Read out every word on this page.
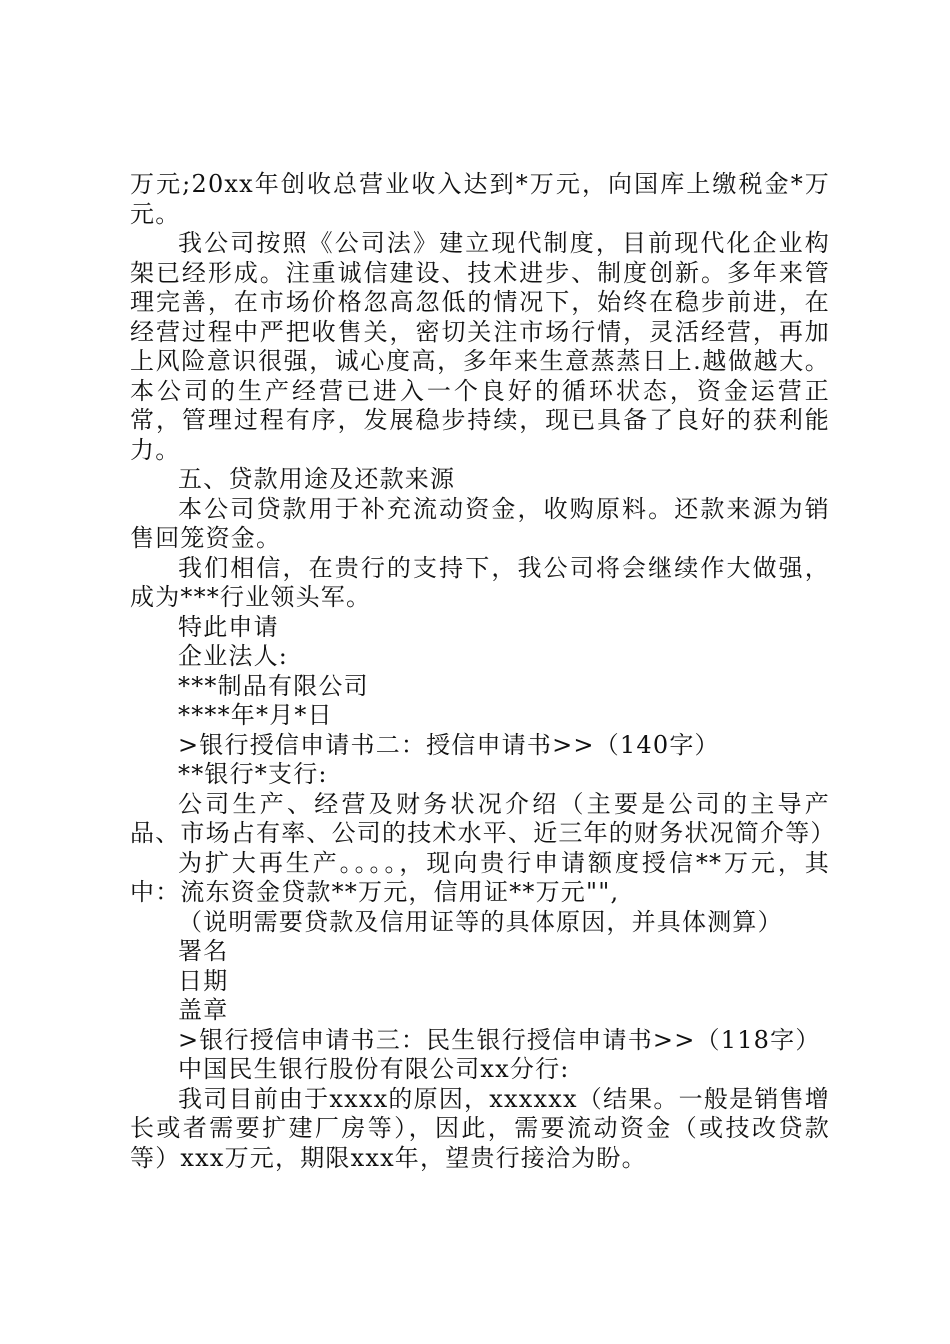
万元;20xx年创收总营业收入达到*万元，向国库上缴税金*万元。

我公司按照《公司法》建立现代制度，目前现代化企业构架已经形成。注重诚信建设、技术进步、制度创新。多年来管理完善，在市场价格忽高忽低的情况下，始终在稳步前进，在经营过程中严把收售关，密切关注市场行情，灵活经营，再加上风险意识很强，诚心度高，多年来生意蒸蒸日上.越做越大。本公司的生产经营已进入一个良好的循环状态，资金运营正常，管理过程有序，发展稳步持续，现已具备了良好的获利能力。

五、贷款用途及还款来源

本公司贷款用于补充流动资金，收购原料。还款来源为销售回笼资金。

我们相信，在贵行的支持下，我公司将会继续作大做强，成为***行业领头军。

特此申请

企业法人:

***制品有限公司

****年*月*日

>银行授信申请书二：授信申请书>>（140字）

**银行*支行:

公司生产、经营及财务状况介绍（主要是公司的主导产品、市场占有率、公司的技术水平、近三年的财务状况简介等）

为扩大再生产。。。。，现向贵行申请额度授信**万元，其中：流东资金贷款**万元，信用证**万元"",

（说明需要贷款及信用证等的具体原因，并具体测算）

署名

日期

盖章

>银行授信申请书三：民生银行授信申请书>>（118字）

中国民生银行股份有限公司xx分行:

我司目前由于xxxx的原因，xxxxxx（结果。一般是销售增长或者需要扩建厂房等），因此，需要流动资金（或技改贷款等）xxx万元，期限xxx年，望贵行接洽为盼。
